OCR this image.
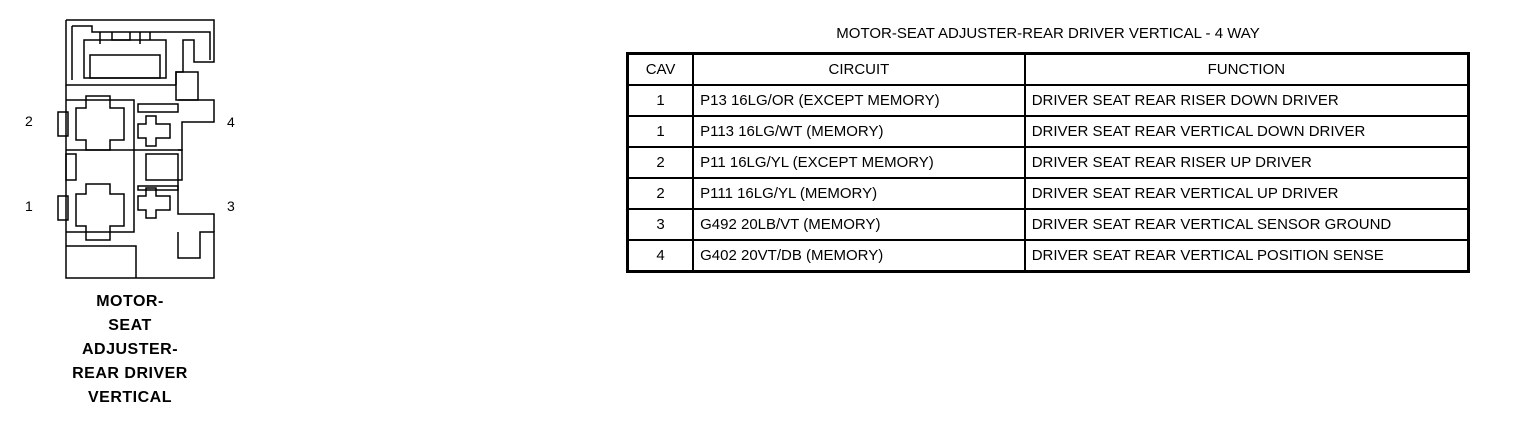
2	4
1	3
MOTOR-
SEAT
ADJUSTER-
REAR DRIVER
VERTICAL
MOTOR-SEAT ADJUSTER-REAR DRIVER VERTICAL - 4 WAY
CAV	CIRCUIT	FUNCTION
1	P13 16LG/OR (EXCEPT MEMORY)	DRIVER SEAT REAR RISER DOWN DRIVER
1	P113 16LG/WT (MEMORY)	DRIVER SEAT REAR VERTICAL DOWN DRIVER
2	P11 16LG/YL (EXCEPT MEMORY)	DRIVER SEAT REAR RISER UP DRIVER
2	P111 16LG/YL (MEMORY)	DRIVER SEAT REAR VERTICAL UP DRIVER
3	G492 20LB/VT (MEMORY)	DRIVER SEAT REAR VERTICAL SENSOR GROUND
4	G402 20VT/DB (MEMORY)	DRIVER SEAT REAR VERTICAL POSITION SENSE
